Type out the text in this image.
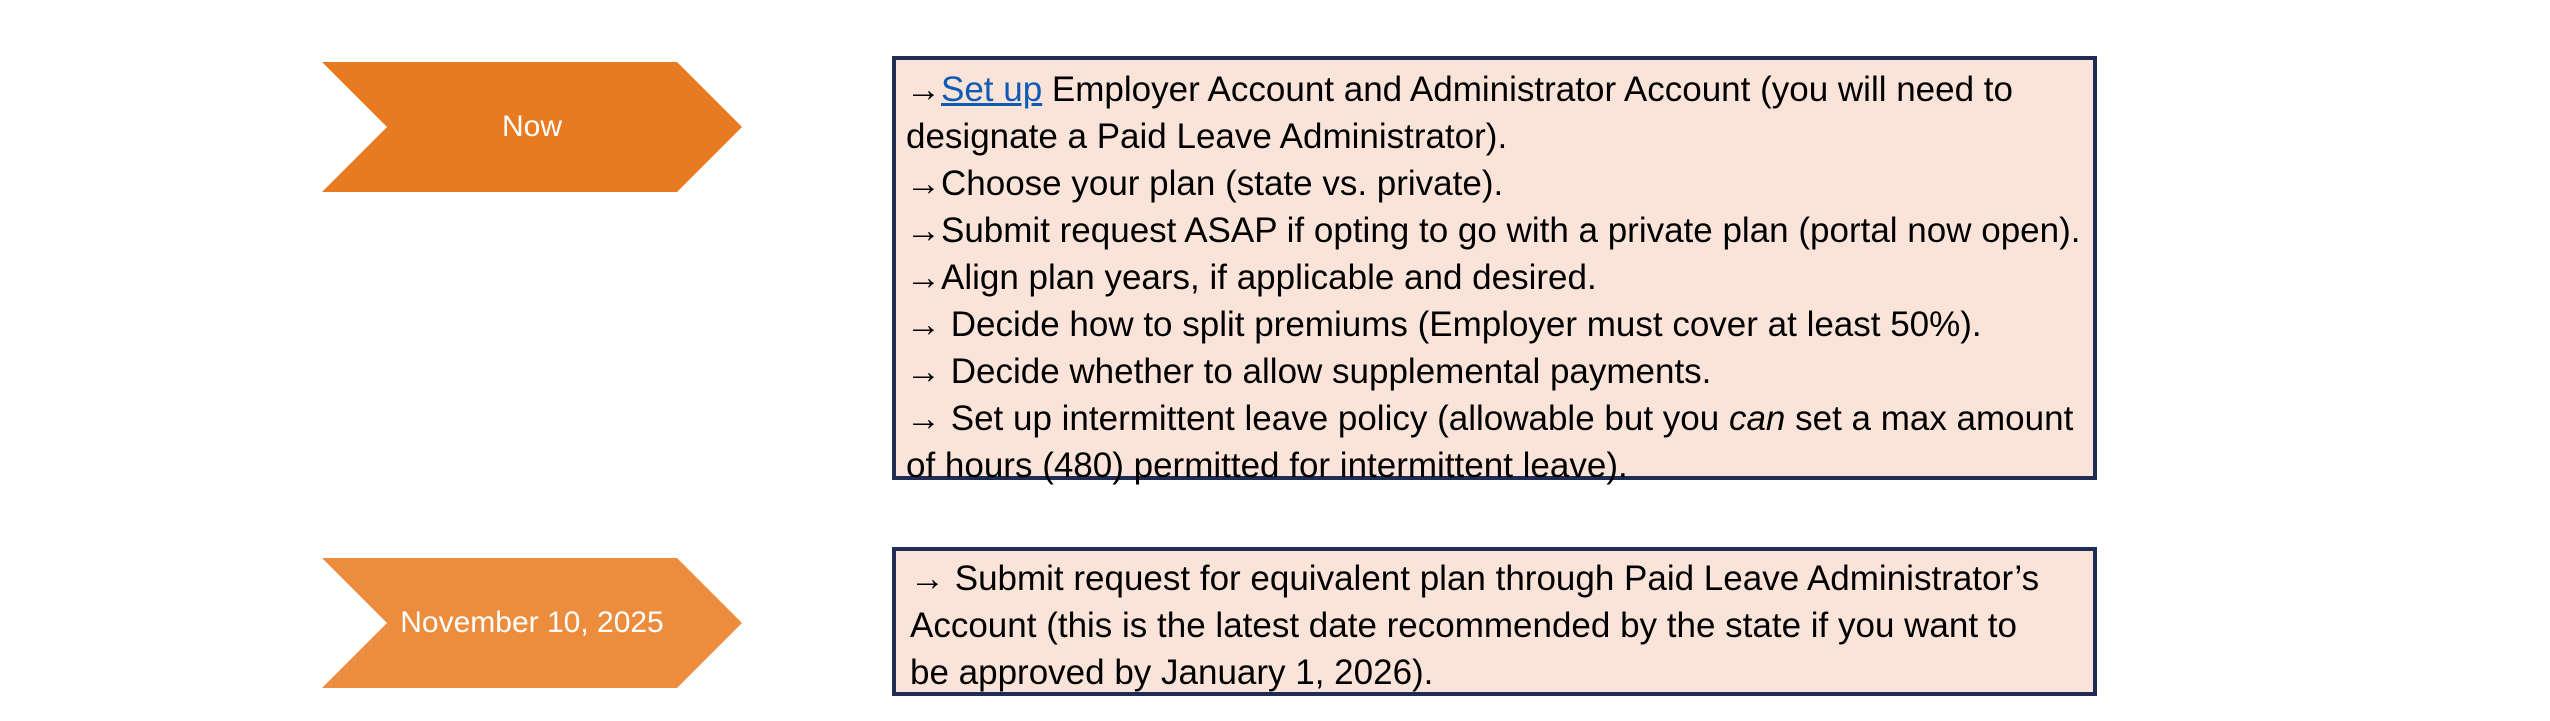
Now
→Set up Employer Account and Administrator Account (you will need to
designate a Paid Leave Administrator).
→Choose your plan (state vs. private).
→Submit request ASAP if opting to go with a private plan (portal now open).
→Align plan years, if applicable and desired.
→ Decide how to split premiums (Employer must cover at least 50%).
→ Decide whether to allow supplemental payments.
→ Set up intermittent leave policy (allowable but you can set a max amount
of hours (480) permitted for intermittent leave).
November 10, 2025
→ Submit request for equivalent plan through Paid Leave Administrator’s
Account (this is the latest date recommended by the state if you want to
be approved by January 1, 2026).
